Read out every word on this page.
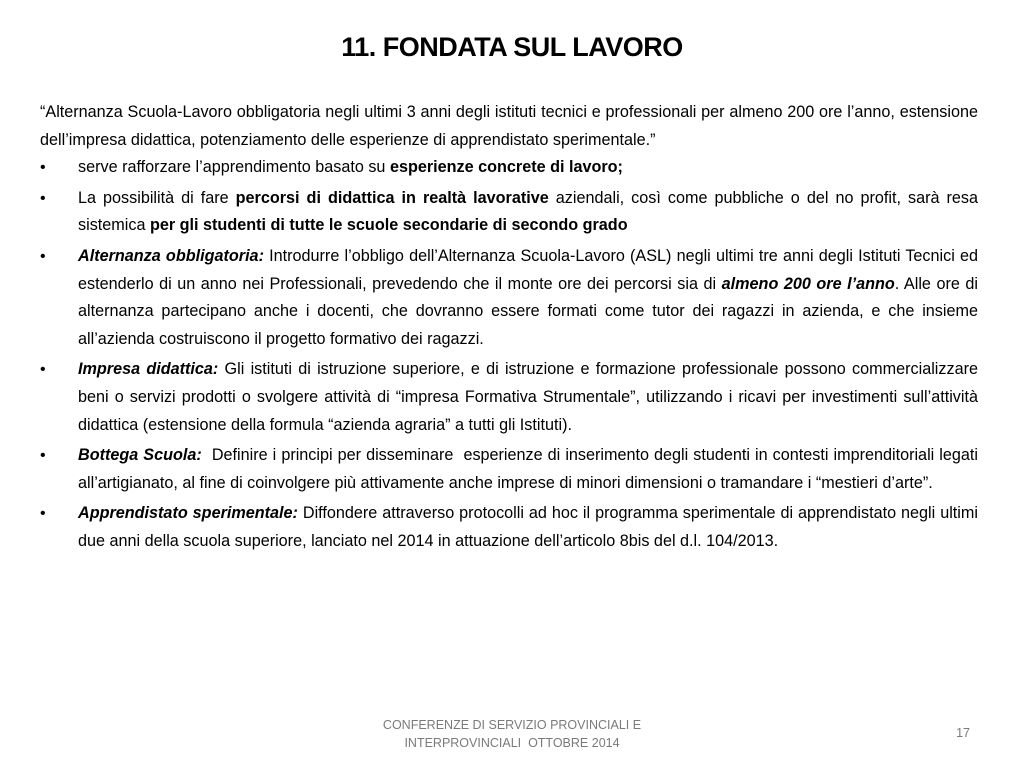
11. FONDATA SUL LAVORO

“Alternanza Scuola-Lavoro obbligatoria negli ultimi 3 anni degli istituti tecnici e professionali per almeno 200 ore l’anno, estensione dell’impresa didattica, potenziamento delle esperienze di apprendistato sperimentale.”

•	serve rafforzare l’apprendimento basato su esperienze concrete di lavoro;
•	La possibilità di fare percorsi di didattica in realtà lavorative aziendali, così come pubbliche o del no profit, sarà resa sistemica per gli studenti di tutte le scuole secondarie di secondo grado
•	Alternanza obbligatoria: Introdurre l’obbligo dell’Alternanza Scuola-Lavoro (ASL) negli ultimi tre anni degli Istituti Tecnici ed estenderlo di un anno nei Professionali, prevedendo che il monte ore dei percorsi sia di almeno 200 ore l’anno. Alle ore di alternanza partecipano anche i docenti, che dovranno essere formati come tutor dei ragazzi in azienda, e che insieme all’azienda costruiscono il progetto formativo dei ragazzi.
•	Impresa didattica: Gli istituti di istruzione superiore, e di istruzione e formazione professionale possono commercializzare beni o servizi prodotti o svolgere attività di “impresa Formativa Strumentale”, utilizzando i ricavi per investimenti sull’attività didattica (estensione della formula “azienda agraria” a tutti gli Istituti).
•	Bottega Scuola:  Definire i principi per disseminare  esperienze di inserimento degli studenti in contesti imprenditoriali legati all’artigianato, al fine di coinvolgere più attivamente anche imprese di minori dimensioni o tramandare i “mestieri d’arte”.
•	Apprendistato sperimentale: Diffondere attraverso protocolli ad hoc il programma sperimentale di apprendistato negli ultimi due anni della scuola superiore, lanciato nel 2014 in attuazione dell’articolo 8bis del d.l. 104/2013.
CONFERENZE DI SERVIZIO PROVINCIALI E
INTERPROVINCIALI  OTTOBRE 2014
17
